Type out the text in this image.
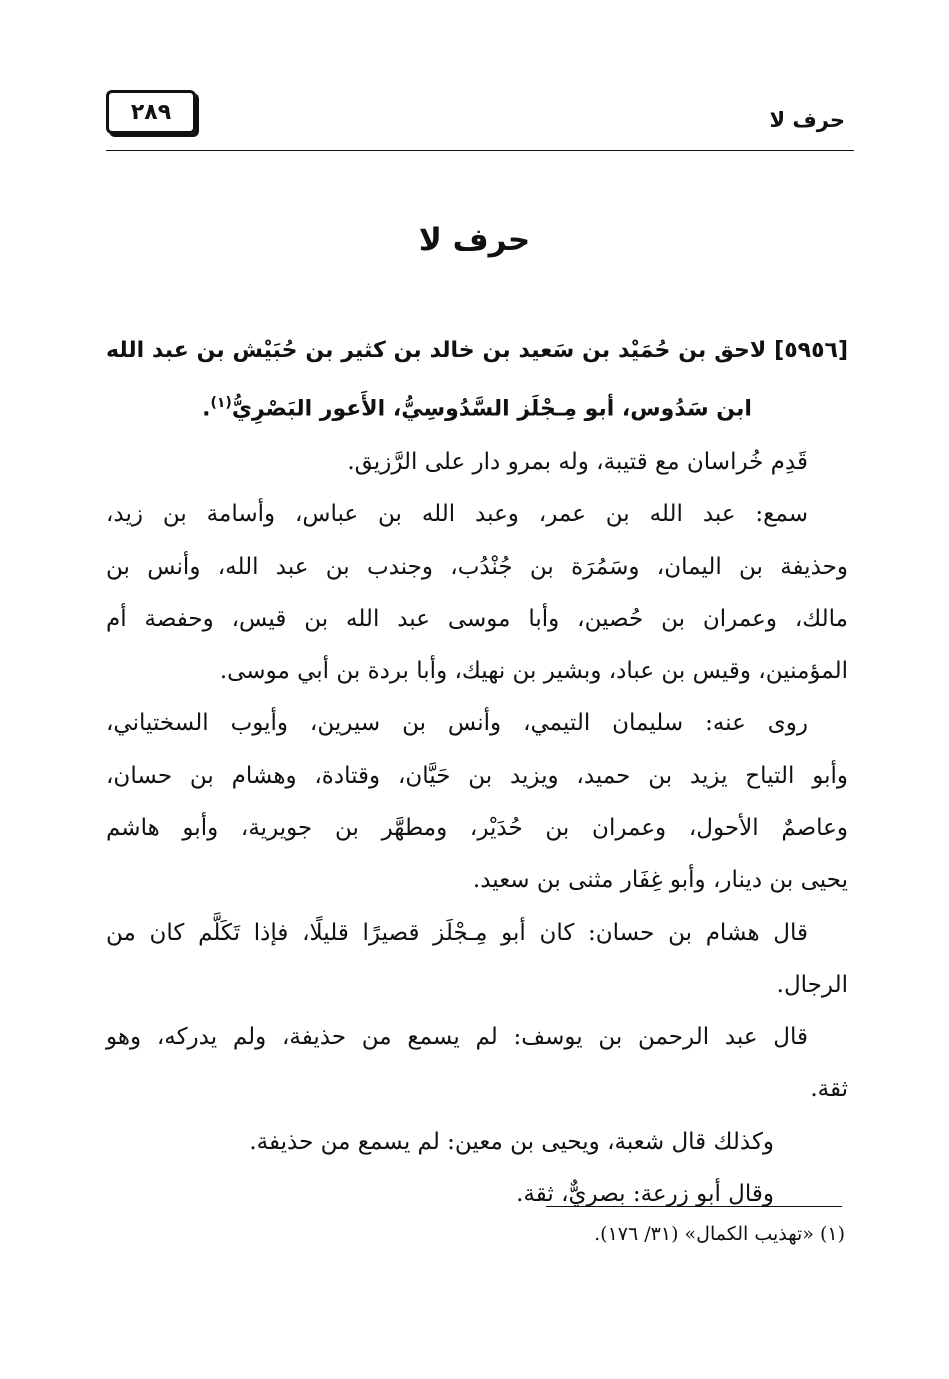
٢٨٩	حرف لا
حرف لا
[٥٩٥٦] لاحق بن حُمَيْد بن سَعيد بن خالد بن كثير بن حُبَيْش بن عبد الله
ابن سَدُوس، أبو مِـجْلَز السَّدُوسِيُّ، الأَعور البَصْرِيُّ$^{(١)}$.
قَدِم خُراسان مع قتيبة، وله بمرو دار على الرَّزيق.
سمع: عبد الله بن عمر، وعبد الله بن عباس، وأسامة بن زيد،
وحذيفة بن اليمان، وسَمُرَة بن جُنْدُب، وجندب بن عبد الله، وأنس بن
مالك، وعمران بن حُصين، وأبا موسى عبد الله بن قيس، وحفصة أم
المؤمنين، وقيس بن عباد، وبشير بن نهيك، وأبا بردة بن أبي موسى.
روى عنه: سليمان التيمي، وأنس بن سيرين، وأيوب السختياني،
وأبو التياح يزيد بن حميد، ويزيد بن حَيَّان، وقتادة، وهشام بن حسان،
وعاصمٌ الأحول، وعمران بن حُدَيْر، ومطهَّر بن جويرية، وأبو هاشم
يحيى بن دينار، وأبو غِفَار مثنى بن سعيد.
قال هشام بن حسان: كان أبو مِـجْلَز قصيرًا قليلًا، فإذا تَكَلَّم كان من
الرجال.
قال عبد الرحمن بن يوسف: لم يسمع من حذيفة، ولم يدركه، وهو
ثقة.
وكذلك قال شعبة، ويحيى بن معين: لم يسمع من حذيفة.
وقال أبو زرعة: بصريٌّ، ثقة.
(١) «تهذيب الكمال» (٣١/ ١٧٦).
